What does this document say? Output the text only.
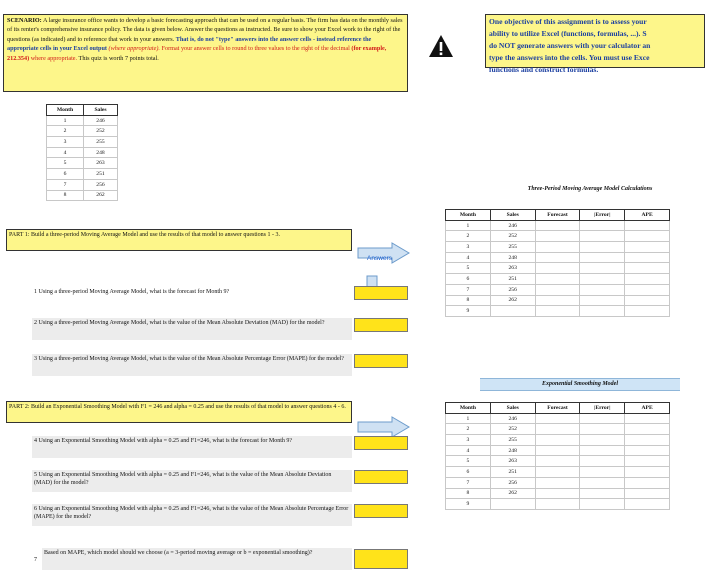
SCENARIO: A large insurance office wants to develop a basic forecasting approach that can be used on a regular basis. The firm has data on the monthly sales of its renter's comprehensive insurance policy. The data is given below. Answer the questions as instructed. Be sure to show your Excel work to the right of the questions (as indicated) and to reference that work in your answers. That is, do not "type" answers into the answer cells - instead reference the appropriate cells in your Excel output (where appropriate). Format your answer cells to round to three values to the right of the decimal (for example, 212.354) where appropriate. This quiz is worth 7 points total.
One objective of this assignment is to assess your
ability to utilize Excel (functions, formulas, ...). S
do NOT generate answers with your calculator an
type the answers into the cells. You must use Exce
functions and construct formulas.
Month	Sales
1	246
2	252
3	255
4	248
5	263
6	251
7	256
8	262
Three-Period Moving Average Model Calculations
Month	Sales	Forecast	|Error|	APE
1	246			
2	252			
3	255			
4	248			
5	263			
6	251			
7	256			
8	262			
9				
PART 1: Build a three-period Moving Average Model and use the results of that model to answer questions 1 - 3.
Answers
1 Using a three-period Moving Average Model, what is the forecast for Month 9?
2 Using a three-period Moving Average Model, what is the value of the Mean Absolute Deviation (MAD) for the model?
3 Using a three-period Moving Average Model, what is the value of the Mean Absolute Percentage Error (MAPE) for the model?
Exponential Smoothing Model
Month	Sales	Forecast	|Error|	APE
1	246			
2	252			
3	255			
4	248			
5	263			
6	251			
7	256			
8	262			
9				
PART 2: Build an Exponential Smoothing Model with F1 = 246 and alpha = 0.25 and use the results of that model to answer questions 4 - 6.
4 Using an Exponential Smoothing Model with alpha = 0.25 and F1=246, what is the forecast for Month 9?
5 Using an Exponential Smoothing Model with alpha = 0.25 and F1=246, what is the value of the Mean Absolute Deviation (MAD) for the model?
6 Using an Exponential Smoothing Model with alpha = 0.25 and F1=246, what is the value of the Mean Absolute Percentage Error (MAPE) for the model?
7
Based on MAPE, which model should we choose (a = 3-period moving average or b = exponential smoothing)?
